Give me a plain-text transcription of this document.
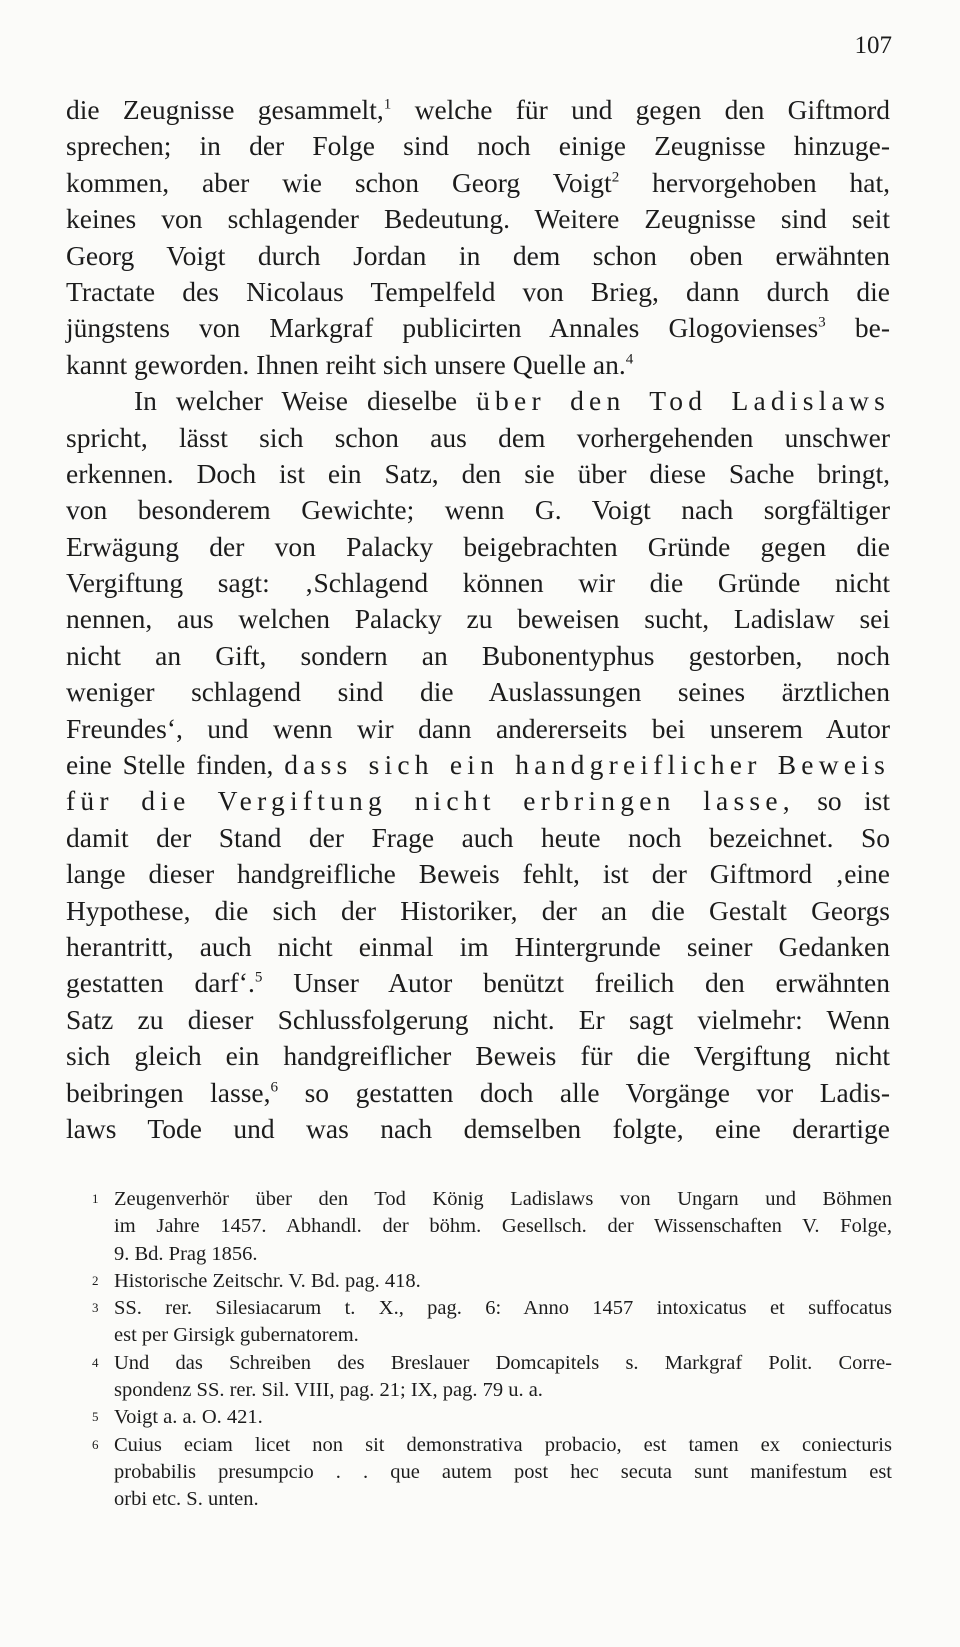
107
die Zeugnisse gesammelt,$^1$ welche für und gegen den Giftmord
sprechen; in der Folge sind noch einige Zeugnisse hinzuge-
kommen, aber wie schon Georg Voigt$^2$ hervorgehoben hat,
keines von schlagender Bedeutung. Weitere Zeugnisse sind seit
Georg Voigt durch Jordan in dem schon oben erwähnten
Tractate des Nicolaus Tempelfeld von Brieg, dann durch die
jüngstens von Markgraf publicirten Annales Glogovienses$^3$ be-
kannt geworden. Ihnen reiht sich unsere Quelle an.$^4$
In welcher Weise dieselbe über den Tod Ladislaws
spricht, lässt sich schon aus dem vorhergehenden unschwer
erkennen. Doch ist ein Satz, den sie über diese Sache bringt,
von besonderem Gewichte; wenn G. Voigt nach sorgfältiger
Erwägung der von Palacky beigebrachten Gründe gegen die
Vergiftung sagt: ‚Schlagend können wir die Gründe nicht
nennen, aus welchen Palacky zu beweisen sucht, Ladislaw sei
nicht an Gift, sondern an Bubonentyphus gestorben, noch
weniger schlagend sind die Auslassungen seines ärztlichen
Freundes‘, und wenn wir dann andererseits bei unserem Autor
eine Stelle finden, dass sich ein handgreiflicher Beweis
für die Vergiftung nicht erbringen lasse, so ist
damit der Stand der Frage auch heute noch bezeichnet. So
lange dieser handgreifliche Beweis fehlt, ist der Giftmord ‚eine
Hypothese, die sich der Historiker, der an die Gestalt Georgs
herantritt, auch nicht einmal im Hintergrunde seiner Gedanken
gestatten darf‘.$^5$ Unser Autor benützt freilich den erwähnten
Satz zu dieser Schlussfolgerung nicht. Er sagt vielmehr: Wenn
sich gleich ein handgreiflicher Beweis für die Vergiftung nicht
beibringen lasse,$^6$ so gestatten doch alle Vorgänge vor Ladis-
laws Tode und was nach demselben folgte, eine derartige
1 Zeugenverhör über den Tod König Ladislaws von Ungarn und Böhmen
im Jahre 1457. Abhandl. der böhm. Gesellsch. der Wissenschaften V. Folge,
9. Bd. Prag 1856.
2 Historische Zeitschr. V. Bd. pag. 418.
3 SS. rer. Silesiacarum t. X., pag. 6: Anno 1457 intoxicatus et suffocatus
est per Girsigk gubernatorem.
4 Und das Schreiben des Breslauer Domcapitels s. Markgraf Polit. Corre-
spondenz SS. rer. Sil. VIII, pag. 21; IX, pag. 79 u. a.
5 Voigt a. a. O. 421.
6 Cuius eciam licet non sit demonstrativa probacio, est tamen ex coniecturis
probabilis presumpcio . . que autem post hec secuta sunt manifestum est
orbi etc. S. unten.
